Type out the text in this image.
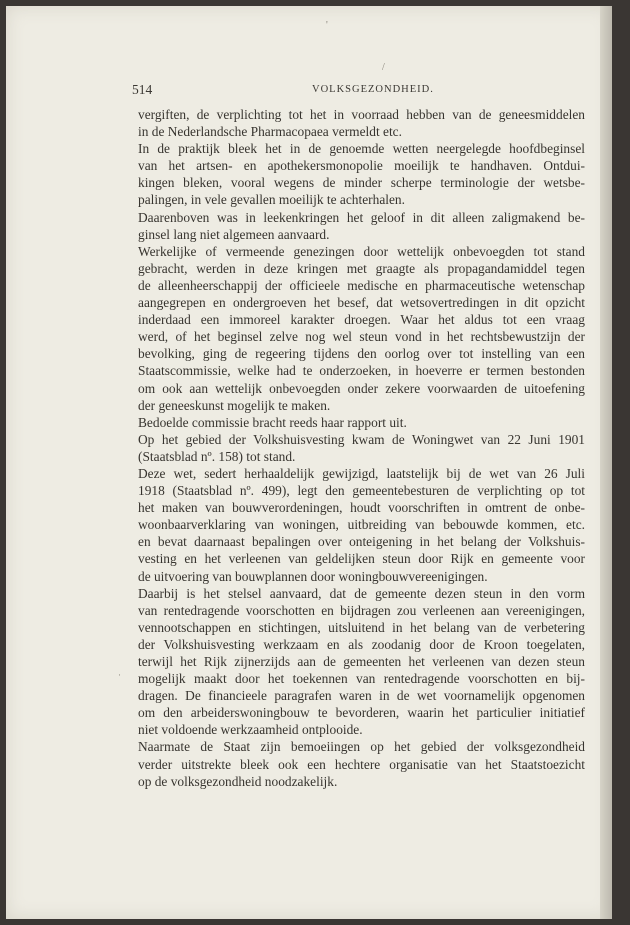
'
/
·
514	VOLKSGEZONDHEID.
vergiften, de verplichting tot het in voorraad hebben van de geneesmiddelen
in de Nederlandsche Pharmacopaea vermeldt etc.
In de praktijk bleek het in de genoemde wetten neergelegde hoofdbeginsel
van het artsen- en apothekersmonopolie moeilijk te handhaven. Ontdui-
kingen bleken, vooral wegens de minder scherpe terminologie der wetsbe-
palingen, in vele gevallen moeilijk te achterhalen.
Daarenboven was in leekenkringen het geloof in dit alleen zaligmakend be-
ginsel lang niet algemeen aanvaard.
Werkelijke of vermeende genezingen door wettelijk onbevoegden tot stand
gebracht, werden in deze kringen met graagte als propagandamiddel tegen
de alleenheerschappij der officieele medische en pharmaceutische wetenschap
aangegrepen en ondergroeven het besef, dat wetsovertredingen in dit opzicht
inderdaad een immoreel karakter droegen. Waar het aldus tot een vraag
werd, of het beginsel zelve nog wel steun vond in het rechtsbewustzijn der
bevolking, ging de regeering tijdens den oorlog over tot instelling van een
Staatscommissie, welke had te onderzoeken, in hoeverre er termen bestonden
om ook aan wettelijk onbevoegden onder zekere voorwaarden de uitoefening
der geneeskunst mogelijk te maken.
Bedoelde commissie bracht reeds haar rapport uit.
Op het gebied der Volkshuisvesting kwam de Woningwet van 22 Juni 1901
(Staatsblad nº. 158) tot stand.
Deze wet, sedert herhaaldelijk gewijzigd, laatstelijk bij de wet van 26 Juli
1918 (Staatsblad nº. 499), legt den gemeentebesturen de verplichting op tot
het maken van bouwverordeningen, houdt voorschriften in omtrent de onbe-
woonbaarverklaring van woningen, uitbreiding van bebouwde kommen, etc.
en bevat daarnaast bepalingen over onteigening in het belang der Volkshuis-
vesting en het verleenen van geldelijken steun door Rijk en gemeente voor
de uitvoering van bouwplannen door woningbouwvereenigingen.
Daarbij is het stelsel aanvaard, dat de gemeente dezen steun in den vorm
van rentedragende voorschotten en bijdragen zou verleenen aan vereenigingen,
vennootschappen en stichtingen, uitsluitend in het belang van de verbetering
der Volkshuisvesting werkzaam en als zoodanig door de Kroon toegelaten,
terwijl het Rijk zijnerzijds aan de gemeenten het verleenen van dezen steun
mogelijk maakt door het toekennen van rentedragende voorschotten en bij-
dragen. De financieele paragrafen waren in de wet voornamelijk opgenomen
om den arbeiderswoningbouw te bevorderen, waarin het particulier initiatief
niet voldoende werkzaamheid ontplooide.
Naarmate de Staat zijn bemoeiingen op het gebied der volksgezondheid
verder uitstrekte bleek ook een hechtere organisatie van het Staatstoezicht
op de volksgezondheid noodzakelijk.
